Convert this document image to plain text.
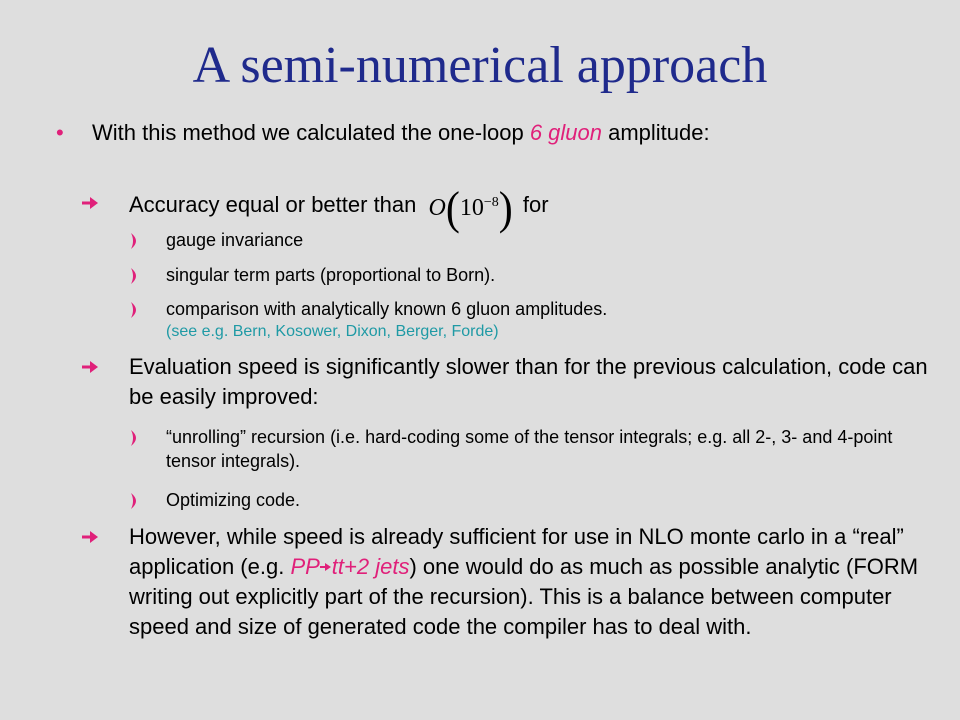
A semi-numerical approach
• With this method we calculated the one-loop 6 gluon amplitude:
Accuracy equal or better than $O(10^{-8})$ for
gauge invariance
singular term parts (proportional to Born).
comparison with analytically known 6 gluon amplitudes.
(see e.g. Bern, Kosower, Dixon, Berger, Forde)
Evaluation speed is significantly slower than for the previous calculation, code can be easily improved:
“unrolling” recursion (i.e. hard-coding some of the tensor integrals; e.g. all 2-, 3- and 4-point tensor integrals).
Optimizing code.
However, while speed is already sufficient for use in NLO monte carlo in a “real” application (e.g. PP tt+2 jets) one would do as much as possible analytic (FORM writing out explicitly part of the recursion). This is a balance between computer speed and size of generated code the compiler has to deal with.
